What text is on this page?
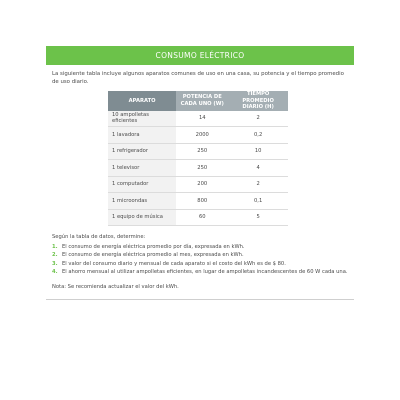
CONSUMO ELÉCTRICO
La siguiente tabla incluye algunos aparatos comunes de uso en una casa, su potencia y el tiempo promedio de uso diario.
APARATO	POTENCIA DE CADA UNO (W)	TIEMPO PROMEDIO DIARIO (H)
10 ampolletas eficientes	14	2
1 lavadora	2000	0,2
1 refrigerador	250	10
1 televisor	250	4
1 computador	200	2
1 microondas	800	0,1
1 equipo de música	60	5

Según la tabla de datos, determine:

1. El consumo de energía eléctrica promedio por día, expresada en kWh.
2. El consumo de energía eléctrica promedio al mes, expresada en kWh.
3. El valor del consumo diario y mensual de cada aparato si el costo del kWh es de $ 80.
4. El ahorro mensual al utilizar ampolletas eficientes, en lugar de ampolletas incandescentes de 60 W cada una.

Nota: Se recomienda actualizar el valor del kWh.
